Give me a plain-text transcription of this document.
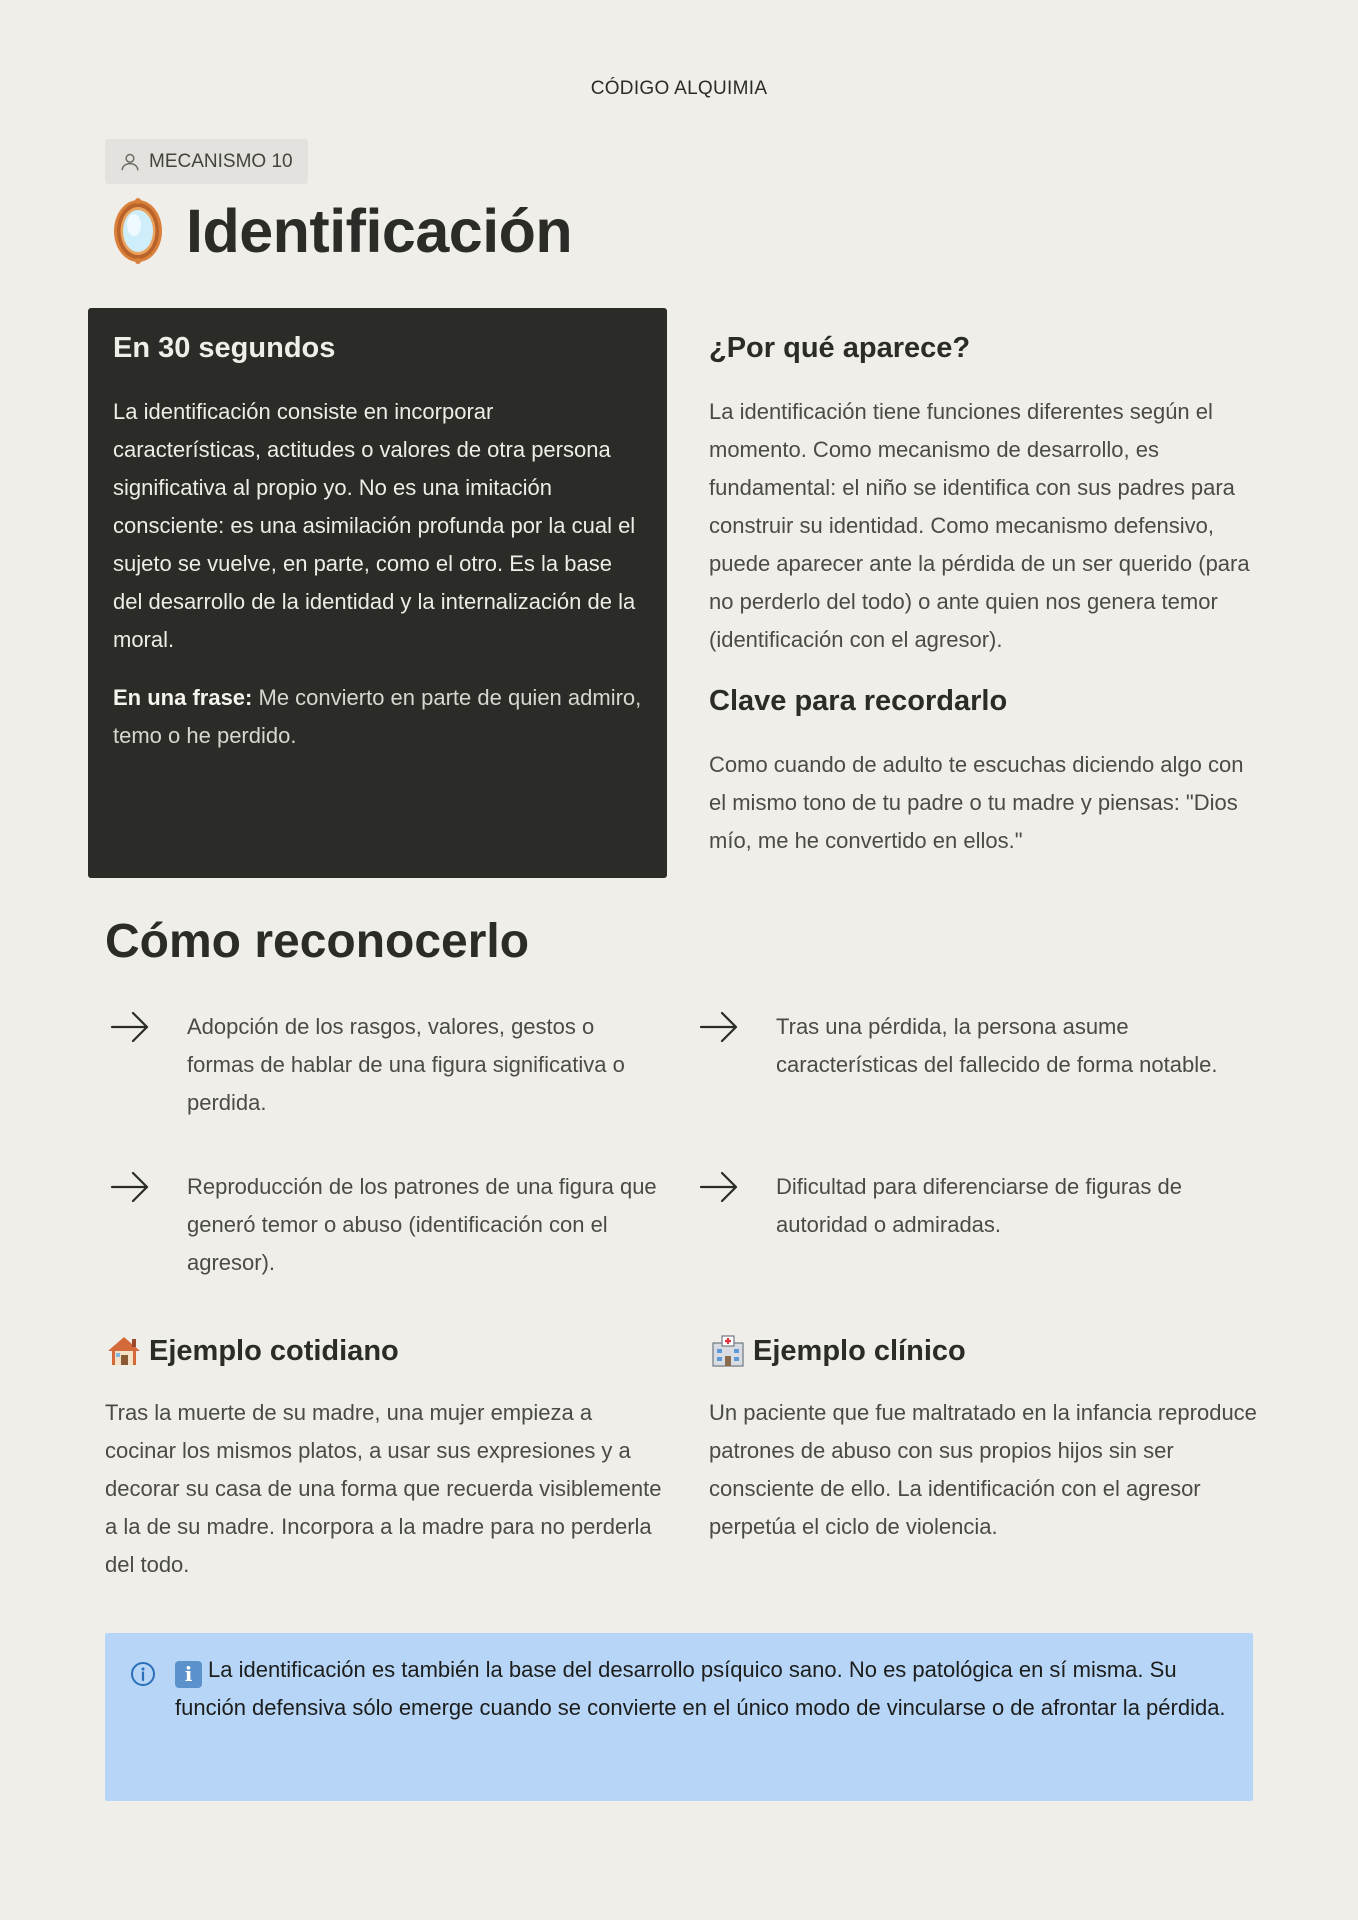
CÓDIGO ALQUIMIA
MECANISMO 10
Identificación
En 30 segundos

La identificación consiste en incorporar características, actitudes o valores de otra persona significativa al propio yo. No es una imitación consciente: es una asimilación profunda por la cual el sujeto se vuelve, en parte, como el otro. Es la base del desarrollo de la identidad y la internalización de la moral.

En una frase: Me convierto en parte de quien admiro, temo o he perdido.

¿Por qué aparece?

La identificación tiene funciones diferentes según el momento. Como mecanismo de desarrollo, es fundamental: el niño se identifica con sus padres para construir su identidad. Como mecanismo defensivo, puede aparecer ante la pérdida de un ser querido (para no perderlo del todo) o ante quien nos genera temor (identificación con el agresor).

Clave para recordarlo

Como cuando de adulto te escuchas diciendo algo con el mismo tono de tu padre o tu madre y piensas: "Dios mío, me he convertido en ellos."

Cómo reconocerlo
Adopción de los rasgos, valores, gestos o formas de hablar de una figura significativa o perdida.
Tras una pérdida, la persona asume características del fallecido de forma notable.
Reproducción de los patrones de una figura que generó temor o abuso (identificación con el agresor).
Dificultad para diferenciarse de figuras de autoridad o admiradas.
Ejemplo cotidiano

Tras la muerte de su madre, una mujer empieza a cocinar los mismos platos, a usar sus expresiones y a decorar su casa de una forma que recuerda visiblemente a la de su madre. Incorpora a la madre para no perderla del todo.

Ejemplo clínico

Un paciente que fue maltratado en la infancia reproduce patrones de abuso con sus propios hijos sin ser consciente de ello. La identificación con el agresor perpetúa el ciclo de violencia.

i La identificación es también la base del desarrollo psíquico sano. No es patológica en sí misma. Su función defensiva sólo emerge cuando se convierte en el único modo de vincularse o de afrontar la pérdida.
